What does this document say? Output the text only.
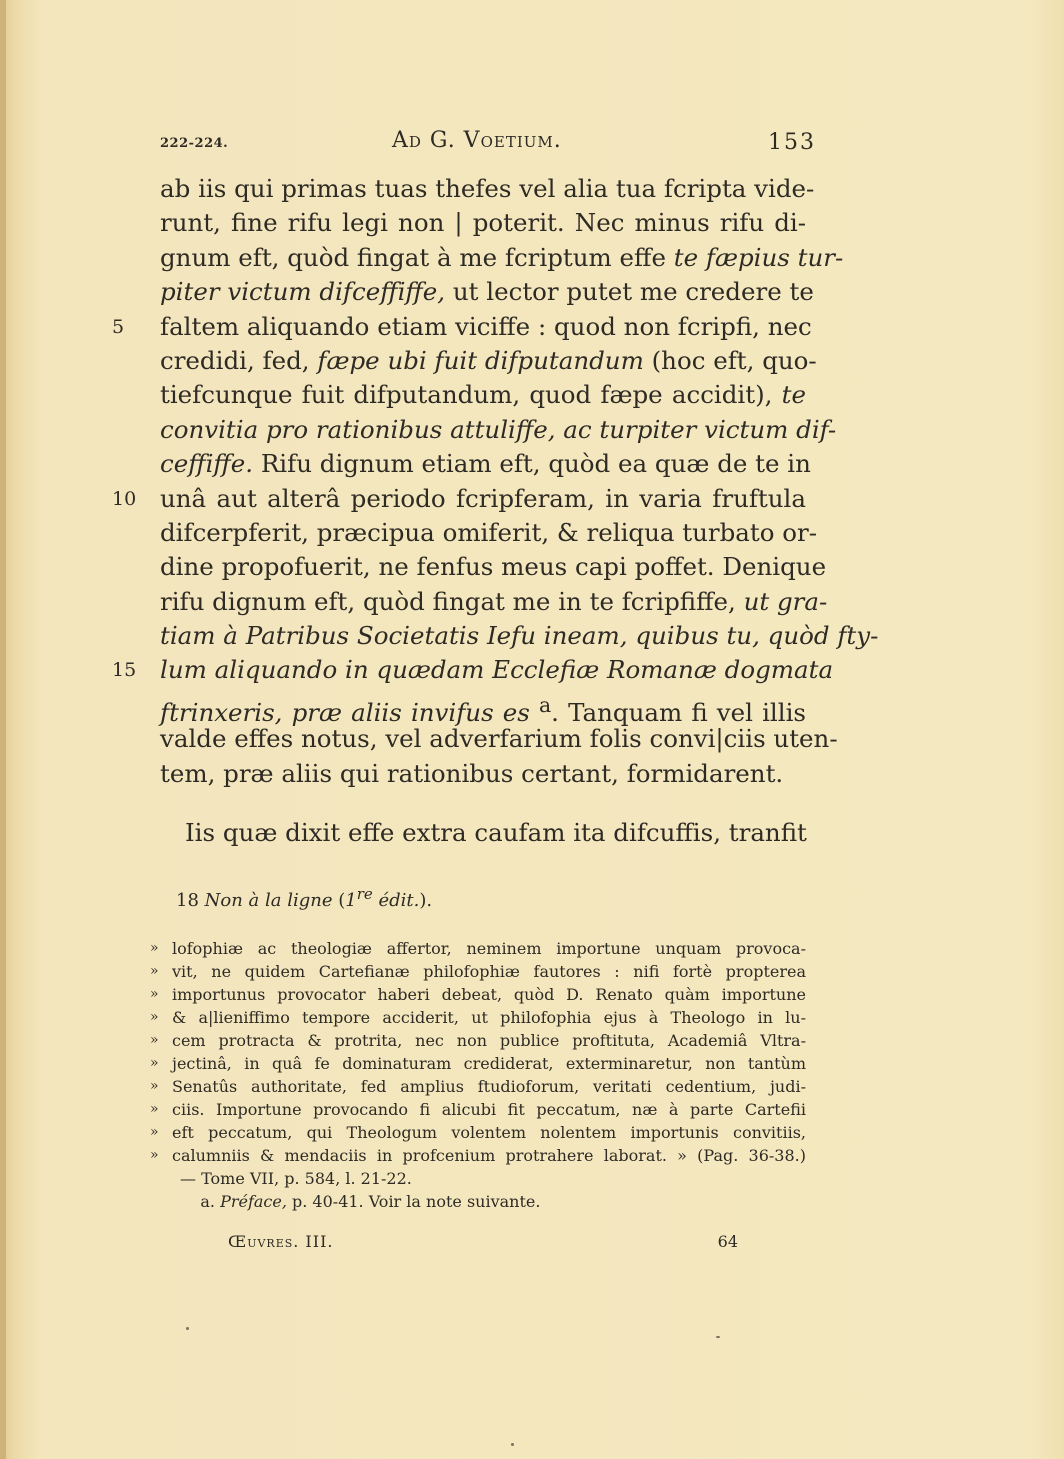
222-224.	Ad G. Voetium.	153
ab iis qui primas tuas thefes vel alia tua fcripta vide-
runt, fine rifu legi non | poterit. Nec minus rifu di-
gnum eft, quòd fingat à me fcriptum effe te fæpius tur-
piter victum difceffiffe, ut lector putet me credere te
5	faltem aliquando etiam viciffe : quod non fcripfi, nec
credidi, fed, fæpe ubi fuit difputandum (hoc eft, quo-
tiefcunque fuit difputandum, quod fæpe accidit), te
convitia pro rationibus attuliffe, ac turpiter victum dif-
ceffiffe. Rifu dignum etiam eft, quòd ea quæ de te in
10 unâ aut alterâ periodo fcripferam, in varia fruftula
difcerpferit, præcipua omiferit, & reliqua turbato or-
dine propofuerit, ne fenfus meus capi poffet. Denique
rifu dignum eft, quòd fingat me in te fcripfiffe, ut gra-
tiam à Patribus Societatis Iefu ineam, quibus tu, quòd fty-
15 lum aliquando in quædam Ecclefiæ Romanæ dogmata
ftrinxeris, præ aliis invifus es $^a$. Tanquam fi vel illis
valde effes notus, vel adverfarium folis convi|ciis uten-
tem, præ aliis qui rationibus certant, formidarent.
Iis quæ dixit effe extra caufam ita difcuffis, tranfit
18 Non à la ligne (1re édit.).
» lofophiæ ac theologiæ affertor, neminem importune unquam provoca-
» vit, ne quidem Cartefianæ philofophiæ fautores : nifi fortè propterea
» importunus provocator haberi debeat, quòd D. Renato quàm importune
» & a|lieniffimo tempore acciderit, ut philofophia ejus à Theologo in lu-
» cem protracta & protrita, nec non publice proftituta, Academiâ Vltra-
» jectinâ, in quâ fe dominaturam crediderat, exterminaretur, non tantùm
» Senatûs authoritate, fed amplius ftudioforum, veritati cedentium, judi-
» ciis. Importune provocando fi alicubi fit peccatum, næ à parte Cartefii
» eft peccatum, qui Theologum volentem nolentem importunis convitiis,
» calumniis & mendaciis in profcenium protrahere laborat. » (Pag. 36-38.)
— Tome VII, p. 584, l. 21-22.
a. Préface, p. 40-41. Voir la note suivante.
Œuvres. III.	64
